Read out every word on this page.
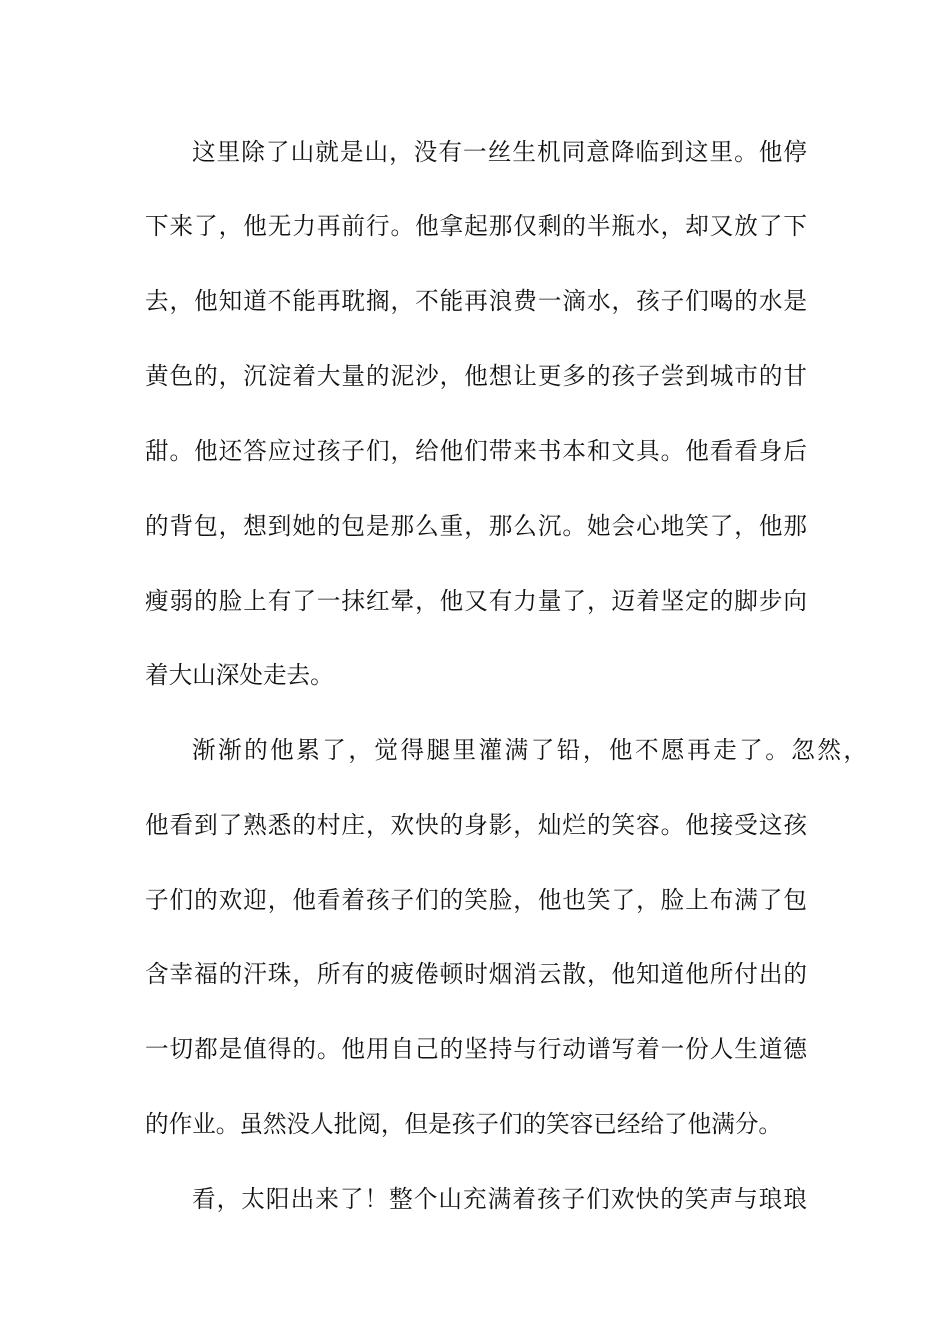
这里除了山就是山，没有一丝生机同意降临到这里。他停

下来了，他无力再前行。他拿起那仅剩的半瓶水，却又放了下

去，他知道不能再耽搁，不能再浪费一滴水，孩子们喝的水是

黄色的，沉淀着大量的泥沙，他想让更多的孩子尝到城市的甘

甜。他还答应过孩子们，给他们带来书本和文具。他看看身后

的背包，想到她的包是那么重，那么沉。她会心地笑了，他那

瘦弱的脸上有了一抹红晕，他又有力量了，迈着坚定的脚步向

着大山深处走去。

渐渐的他累了，觉得腿里灌满了铅，他不愿再走了。忽然，

他看到了熟悉的村庄，欢快的身影，灿烂的笑容。他接受这孩

子们的欢迎，他看着孩子们的笑脸，他也笑了，脸上布满了包

含幸福的汗珠，所有的疲倦顿时烟消云散，他知道他所付出的

一切都是值得的。他用自己的坚持与行动谱写着一份人生道德

的作业。虽然没人批阅，但是孩子们的笑容已经给了他满分。

看，太阳出来了！整个山充满着孩子们欢快的笑声与琅琅
